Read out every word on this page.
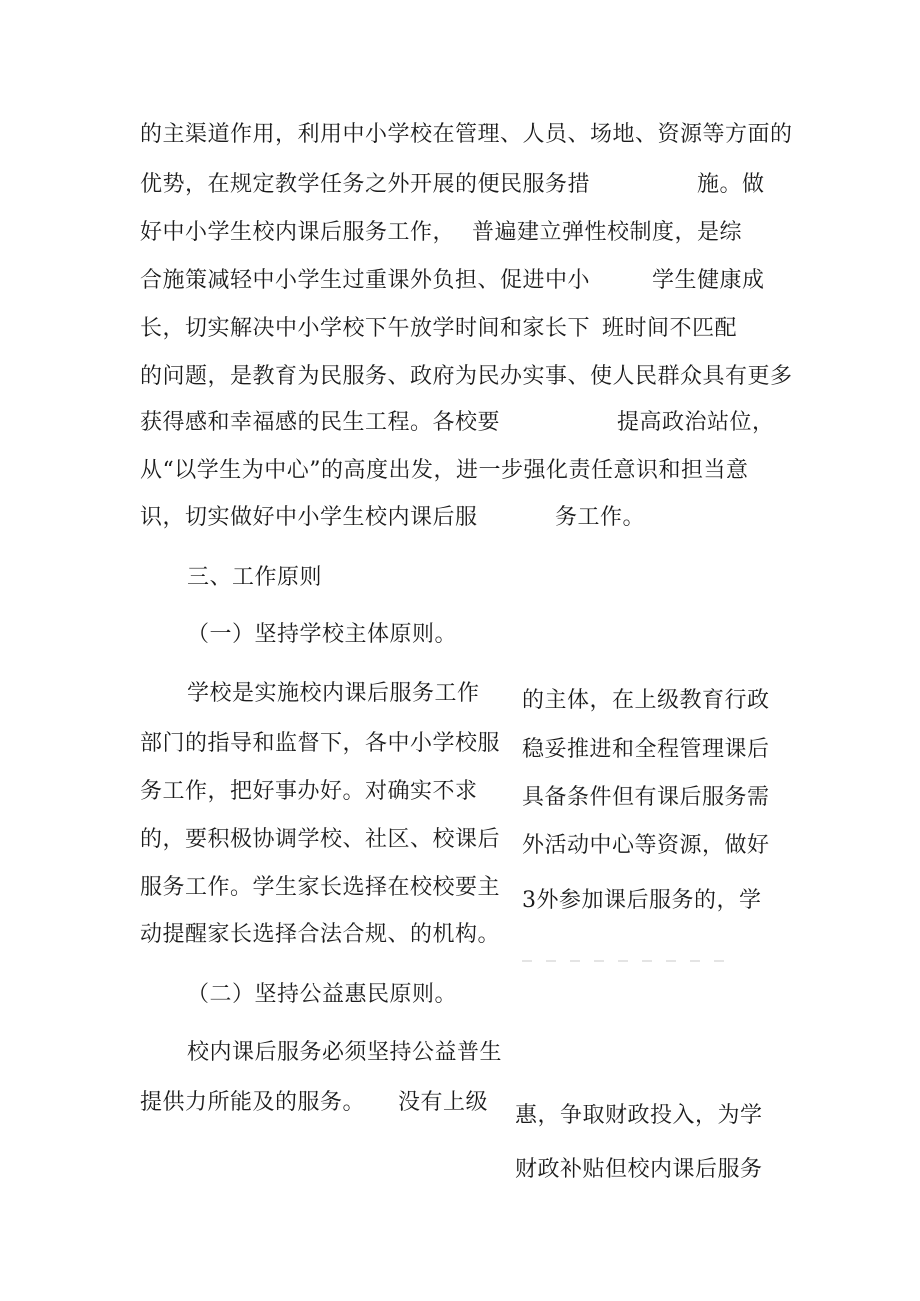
的主渠道作用，利用中小学校在管理、人员、场地、资源等方面的
优势，在规定教学任务之外开展的便民服务措	施。做
好中小学生校内课后服务工作， 普遍建立弹性校制度，是综
合施策减轻中小学生过重课外负担、促进中小	学生健康成
长，切实解决中小学校下午放学时间和家长下 班时间不匹配
的问题，是教育为民服务、政府为民办实事、使人民群众具有更多
获得感和幸福感的民生工程。各校要	提高政治站位，
从“以学生为中心”的高度出发，进一步强化责任意识和担当意
识，切实做好中小学生校内课后服	务工作。
三、工作原则
（一）坚持学校主体原则。
学校是实施校内课后服务工作
部门的指导和监督下，各中小学校服
务工作，把好事办好。对确实不求
的，要积极协调学校、社区、校课后
服务工作。学生家长选择在校校要主
动提醒家长选择合法合规、的机构。
的主体，在上级教育行政
稳妥推进和全程管理课后
具备条件但有课后服务需
外活动中心等资源，做好
3外参加课后服务的，学
（二）坚持公益惠民原则。
校内课后服务必须坚持公益普生
提供力所能及的服务。 没有上级
惠，争取财政投入，为学
财政补贴但校内课后服务
